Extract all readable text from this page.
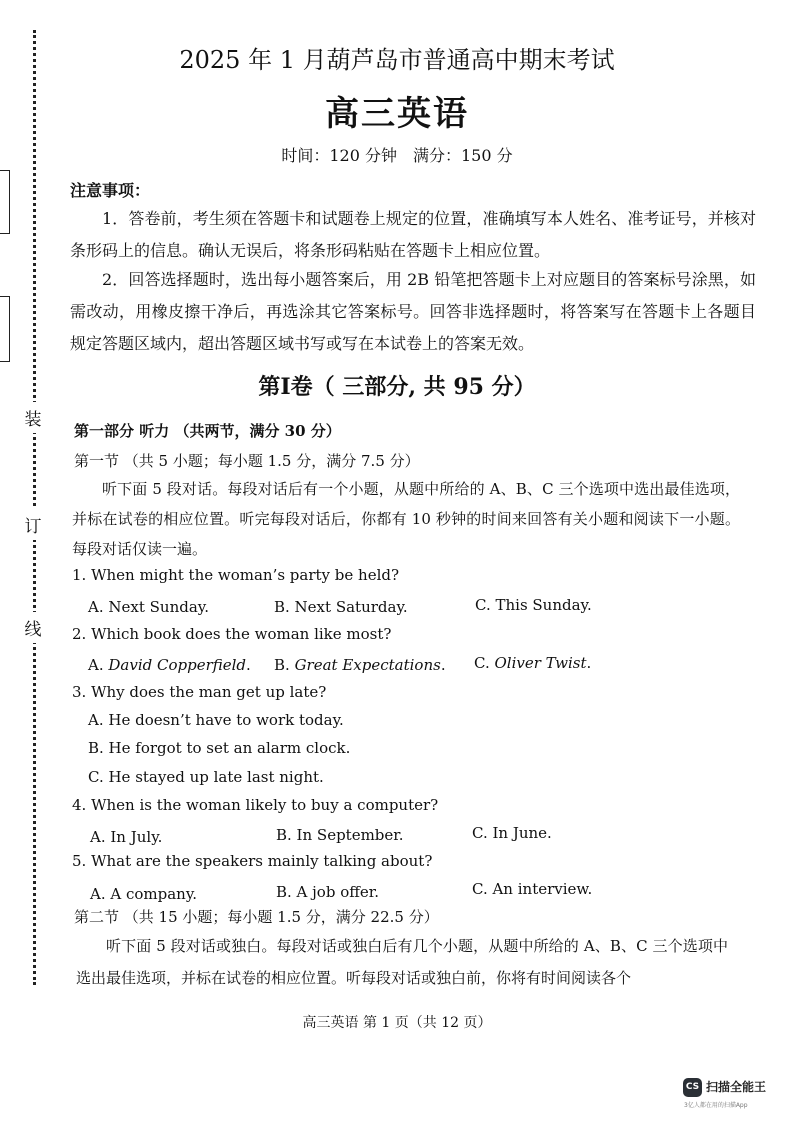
装
订
线
2025 年 1 月葫芦岛市普通高中期末考试
高三英语
时间：120 分钟　满分：150 分
注意事项：
1．答卷前，考生须在答题卡和试题卷上规定的位置，准确填写本人姓名、准考证号，并核对条形码上的信息。确认无误后，将条形码粘贴在答题卡上相应位置。
2．回答选择题时，选出每小题答案后，用 2B 铅笔把答题卡上对应题目的答案标号涂黑，如需改动，用橡皮擦干净后，再选涂其它答案标号。回答非选择题时，将答案写在答题卡上各题目规定答题区域内，超出答题区域书写或写在本试卷上的答案无效。
第Ⅰ卷（ 三部分, 共 95 分）
第一部分 听力 （共两节，满分 30 分）
第一节 （共 5 小题；每小题 1.5 分，满分 7.5 分）
听下面 5 段对话。每段对话后有一个小题，从题中所给的 A、B、C 三个选项中选出最佳选项，并标在试卷的相应位置。听完每段对话后，你都有 10 秒钟的时间来回答有关小题和阅读下一小题。每段对话仅读一遍。
1. When might the woman’s party be held?
A. Next Sunday.	B. Next Saturday.	C. This Sunday.
2. Which book does the woman like most?
A. David Copperfield. B. Great Expectations. C. Oliver Twist.
3. Why does the man get up late?
A. He doesn’t have to work today.
B. He forgot to set an alarm clock.
C. He stayed up late last night.
4. When is the woman likely to buy a computer?
A. In July.	B. In September.	C. In June.
5. What are the speakers mainly talking about?
A. A company.	B. A job offer.	C. An interview.
第二节 （共 15 小题；每小题 1.5 分，满分 22.5 分）
听下面 5 段对话或独白。每段对话或独白后有几个小题，从题中所给的 A、B、C 三个选项中选出最佳选项，并标在试卷的相应位置。听每段对话或独白前，你将有时间阅读各个
高三英语 第 1 页（共 12 页）
CS 扫描全能王
3亿人都在用的扫描App
